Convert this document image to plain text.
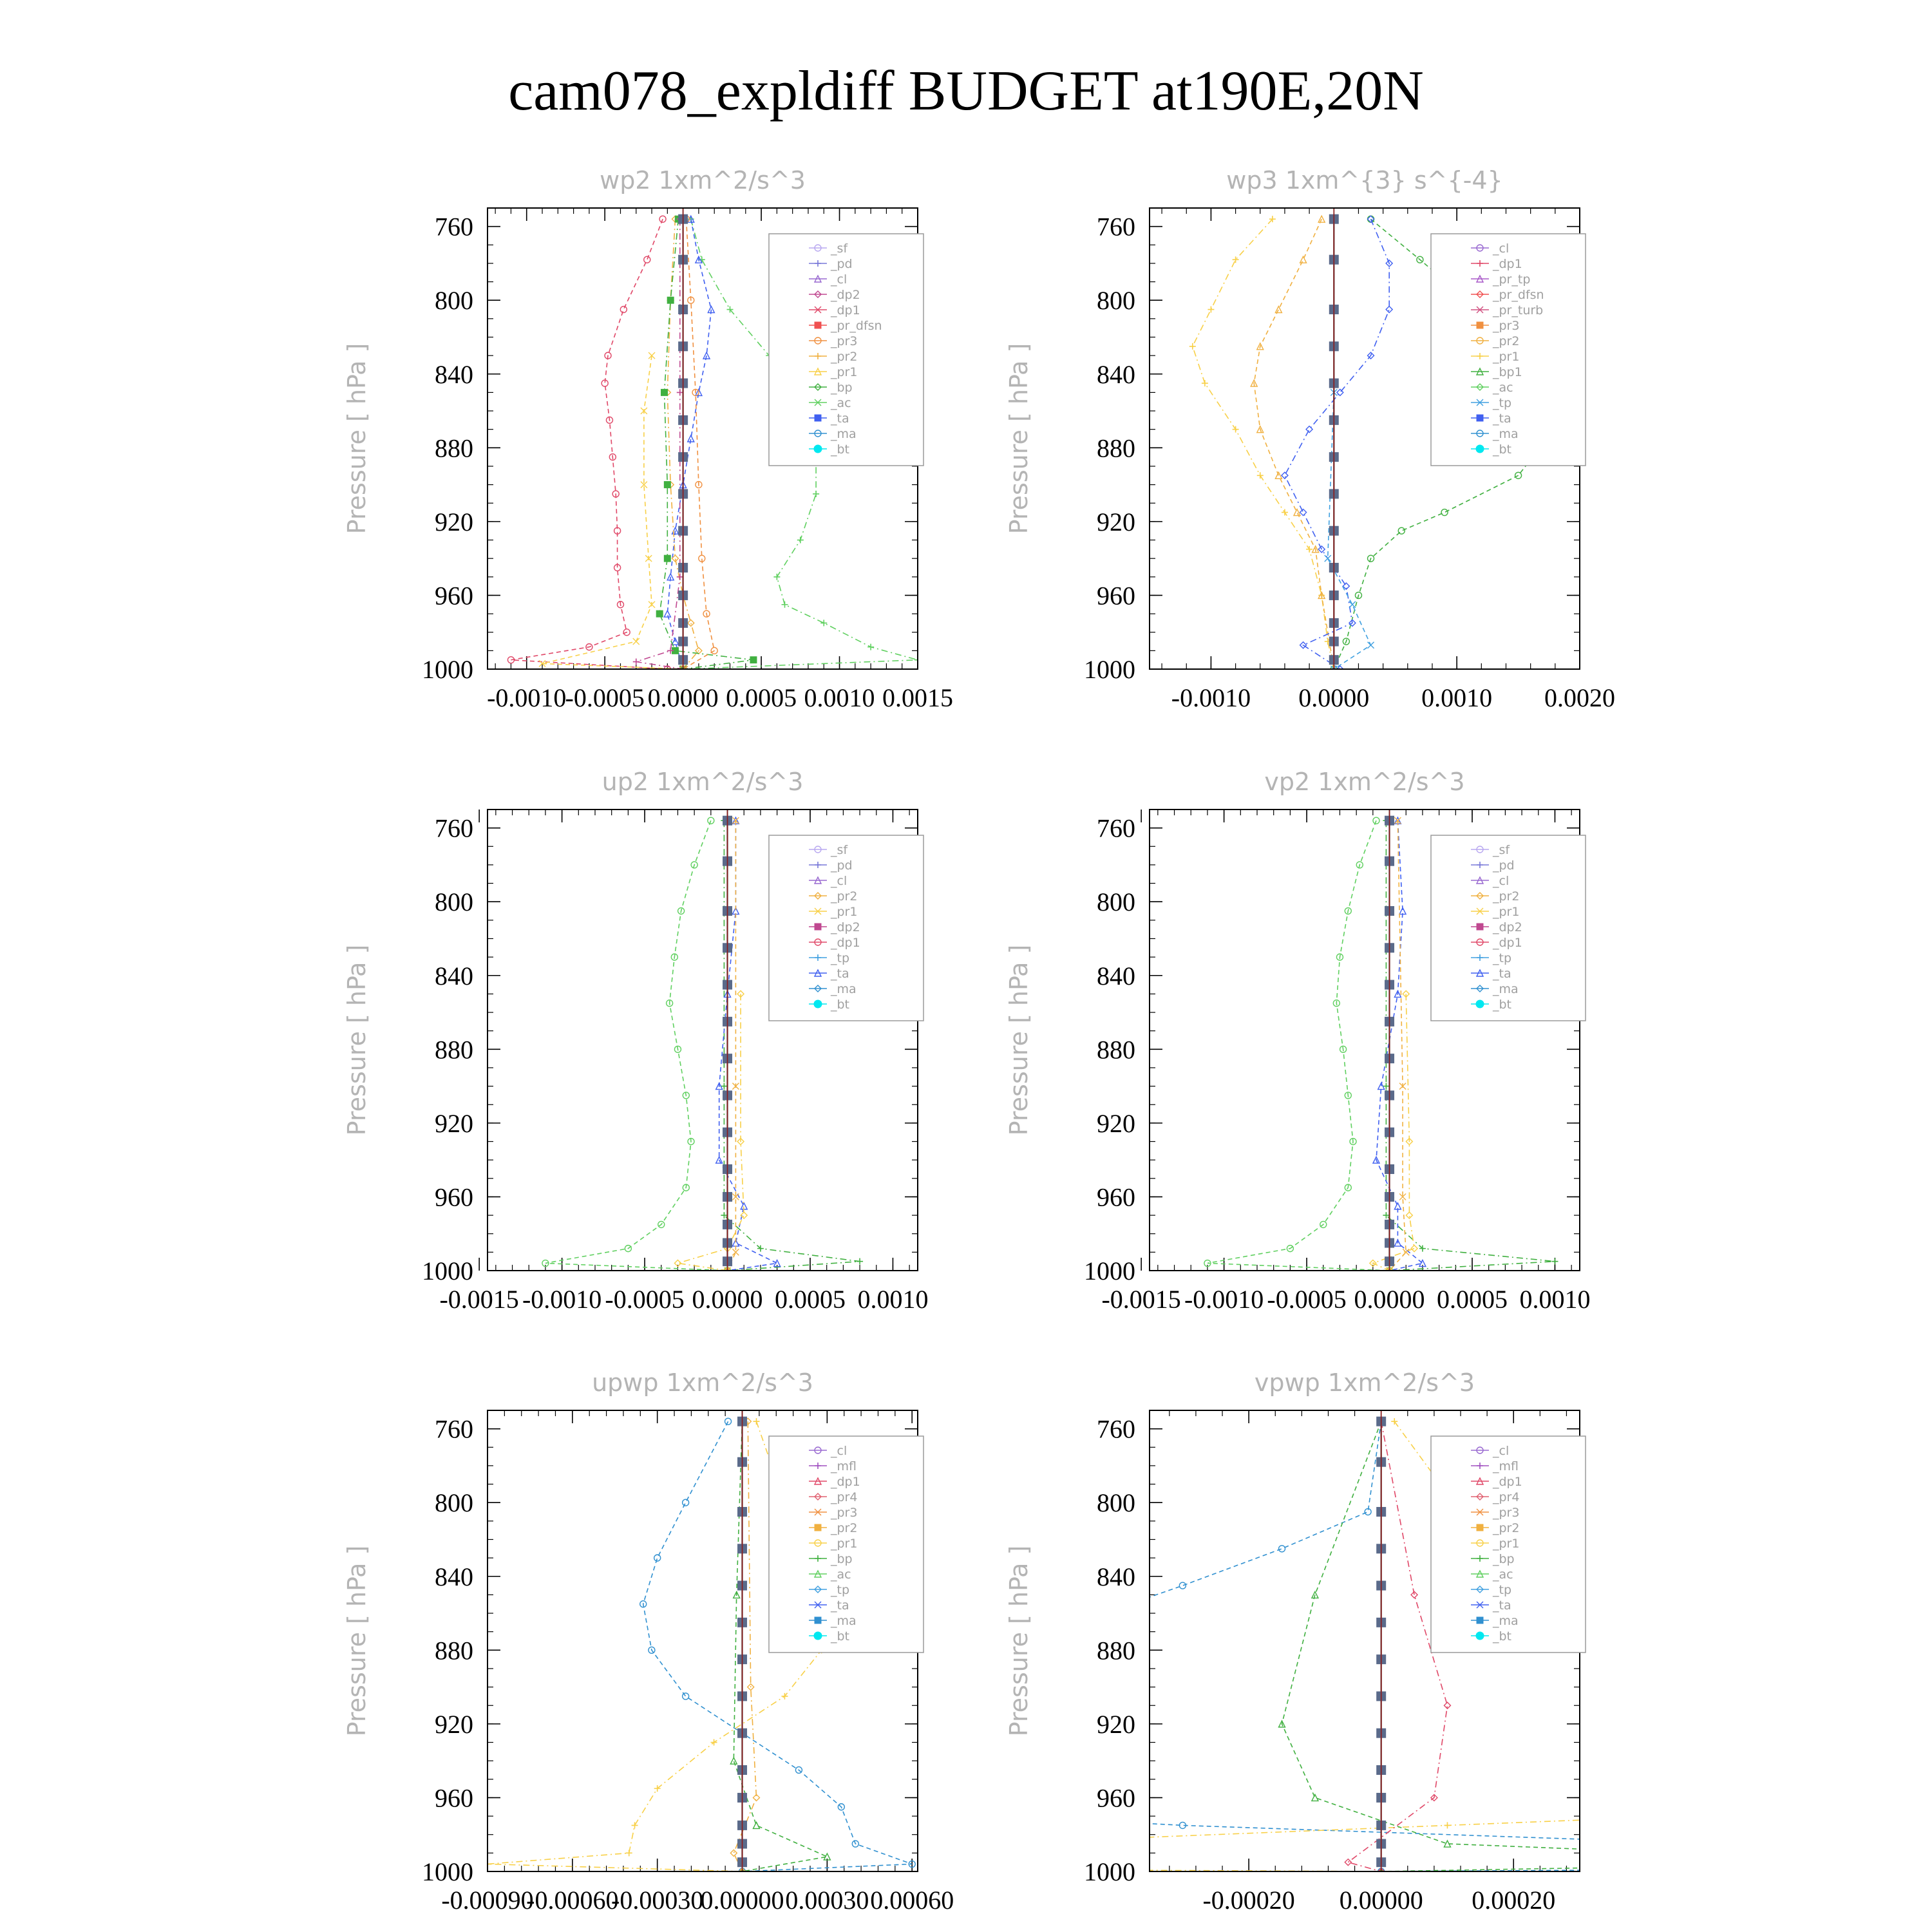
cam078_expldiff BUDGET at190E,20N
wp2 1xm^2/s^3
Pressure [ hPa ]
-0.0010
-0.0005 0.0000 0.0005 0.0010 0.0015
760
800
840
880
920
960
1000
_sf
_pd
_cl
_dp2
_dp1
_pr_dfsn
_pr3
_pr2
_pr1
_bp
_ac
_ta
_ma
_bt
wp3 1xm^{3} s^{-4}
Pressure [ hPa ]
-0.0010 0.0000 0.0010 0.0020
760
800
840
880
920
960
1000
_cl
_dp1
_pr_tp
_pr_dfsn
_pr_turb
_pr3
_pr2
_pr1
_bp1
_ac
_tp
_ta
_ma
_bt
up2 1xm^2/s^3
Pressure [ hPa ]
-0.0015 -0.0010 -0.0005 0.0000 0.0005 0.0010
760
800
840
880
920
960
1000
_sf
_pd
_cl
_pr2
_pr1
_dp2
_dp1
_tp
_ta
_ma
_bt
vp2 1xm^2/s^3
Pressure [ hPa ]
-0.0015 -0.0010 -0.0005 0.0000 0.0005 0.0010
760
800
840
880
920
960
1000
_sf
_pd
_cl
_pr2
_pr1
_dp2
_dp1
_tp
_ta
_ma
_bt
upwp 1xm^2/s^3
Pressure [ hPa ]
-0.00090
-0.00060
-0.00030
0.00000 0.00030 0.00060
760
800
840
880
920
960
1000
_cl
_mfl
_dp1
_pr4
_pr3
_pr2
_pr1
_bp
_ac
_tp
_ta
_ma
_bt
vpwp 1xm^2/s^3
Pressure [ hPa ]
-0.00020 0.00000 0.00020
760
800
840
880
920
960
1000
_cl
_mfl
_dp1
_pr4
_pr3
_pr2
_pr1
_bp
_ac
_tp
_ta
_ma
_bt
